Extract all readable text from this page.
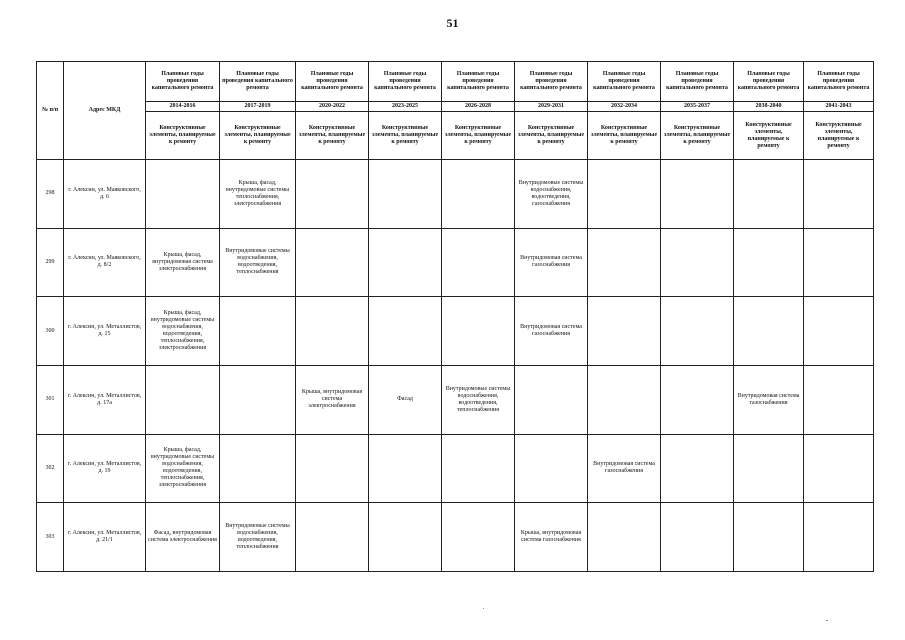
51
№ п/п	Адрес МКД	Плановые годы проведения капитального ремонта	Плановые годы проведения капитального ремонта	Плановые годы проведения капитального ремонта	Плановые годы проведения капитального ремонта	Плановые годы проведения капитального ремонта	Плановые годы проведения капитального ремонта	Плановые годы проведения капитального ремонта	Плановые годы проведения капитального ремонта	Плановые годы проведения капитального ремонта	Плановые годы проведения капитального ремонта
		2014-2016	2017-2019	2020-2022	2023-2025	2026-2028	2029-2031	2032-2034	2035-2037	2038-2040	2041-2043
		Конструктивные элементы, планируемые к ремонту	Конструктивные элементы, планируемые к ремонту	Конструктивные элементы, планируемые к ремонту	Конструктивные элементы, планируемые к ремонту	Конструктивные элементы, планируемые к ремонту	Конструктивные элементы, планируемые к ремонту	Конструктивные элементы, планируемые к ремонту	Конструктивные элементы, планируемые к ремонту	Конструктивные элементы, планируемые к ремонту	Конструктивные элементы, планируемые к ремонту
298	г. Алексин, ул. Маяковского, д. 6		Крыша, фасад, внутридомовые системы теплоснабжения, электроснабжения				Внутридомовые системы водоснабжения, водоотведения, газоснабжения				
299	г. Алексин, ул. Маяковского, д. 8/2	Крыша, фасад, внутридомовая система электроснабжения	Внутридомовые системы водоснабжения, водоотведения, теплоснабжения				Внутридомовая система газоснабжения				
300	г. Алексин, ул. Металлистов, д. 15	Крыша, фасад, внутридомовые системы водоснабжения, водоотведения, теплоснабжения, электроснабжения					Внутридомовая система газоснабжения				
301	г. Алексин, ул. Металлистов, д. 17а			Крыша, внутридомовая система электроснабжения	Фасад	Внутридомовые системы водоснабжения, водоотведения, теплоснабжения				Внутридомовая система газоснабжения	
302	г. Алексин, ул. Металлистов, д. 19	Крыша, фасад, внутридомовые системы водоснабжения, водоотведения, теплоснабжения, электроснабжения						Внутридомовая система газоснабжения			
303	г. Алексин, ул. Металлистов, д. 21/1	Фасад, внутридомовая система электроснабжения	Внутридомовые системы водоснабжения, водоотведения, теплоснабжения				Крыша, внутридомовая система газоснабжения				
